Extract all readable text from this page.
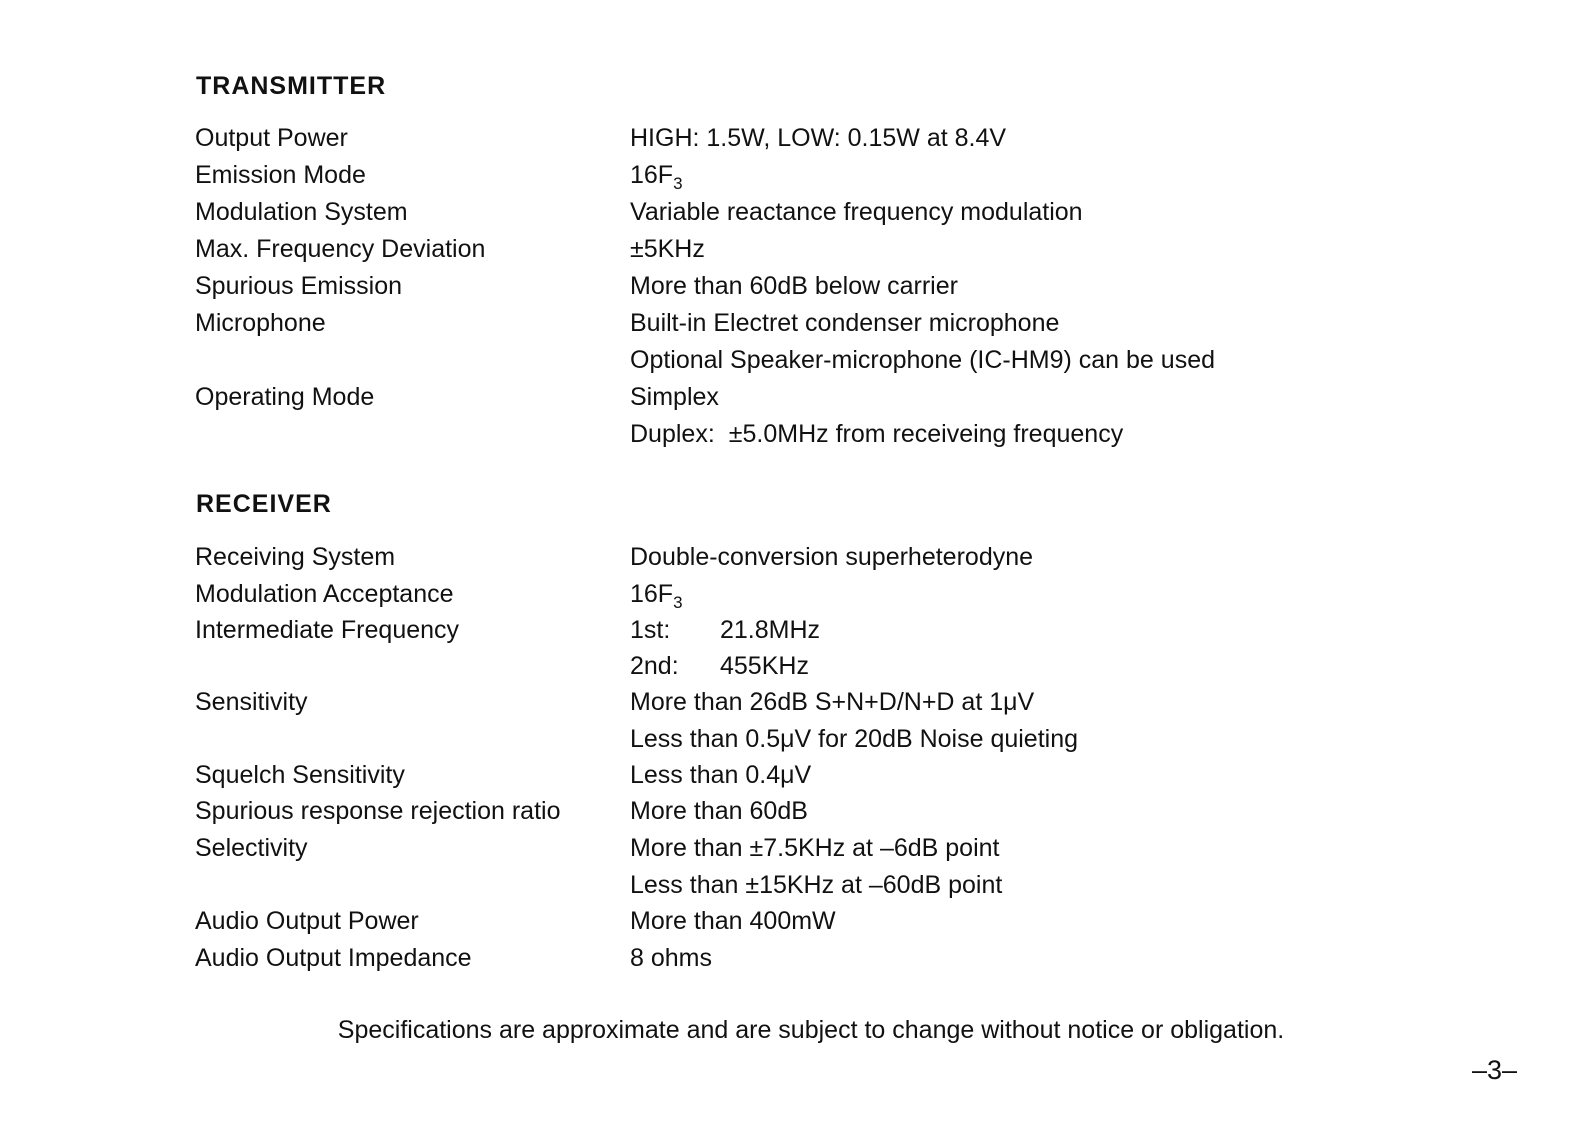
TRANSMITTER
Output Power	HIGH: 1.5W, LOW: 0.15W at 8.4V
Emission Mode	$16F_3$
Modulation System	Variable reactance frequency modulation
Max. Frequency Deviation	±5KHz
Spurious Emission	More than 60dB below carrier
Microphone	Built-in Electret condenser microphone
Optional Speaker-microphone (IC-HM9) can be used
Operating Mode	Simplex
Duplex: ±5.0MHz from receiveing frequency
RECEIVER
Receiving System	Double-conversion superheterodyne
Modulation Acceptance	$16F_3$
Intermediate Frequency	1st: 21.8MHz
2nd: 455KHz
Sensitivity	More than 26dB S+N+D/N+D at 1μV
Less than 0.5μV for 20dB Noise quieting
Squelch Sensitivity	Less than 0.4μV
Spurious response rejection ratio	More than 60dB
Selectivity	More than ±7.5KHz at –6dB point
Less than ±15KHz at –60dB point
Audio Output Power	More than 400mW
Audio Output Impedance	8 ohms
Specifications are approximate and are subject to change without notice or obligation.
–3–
